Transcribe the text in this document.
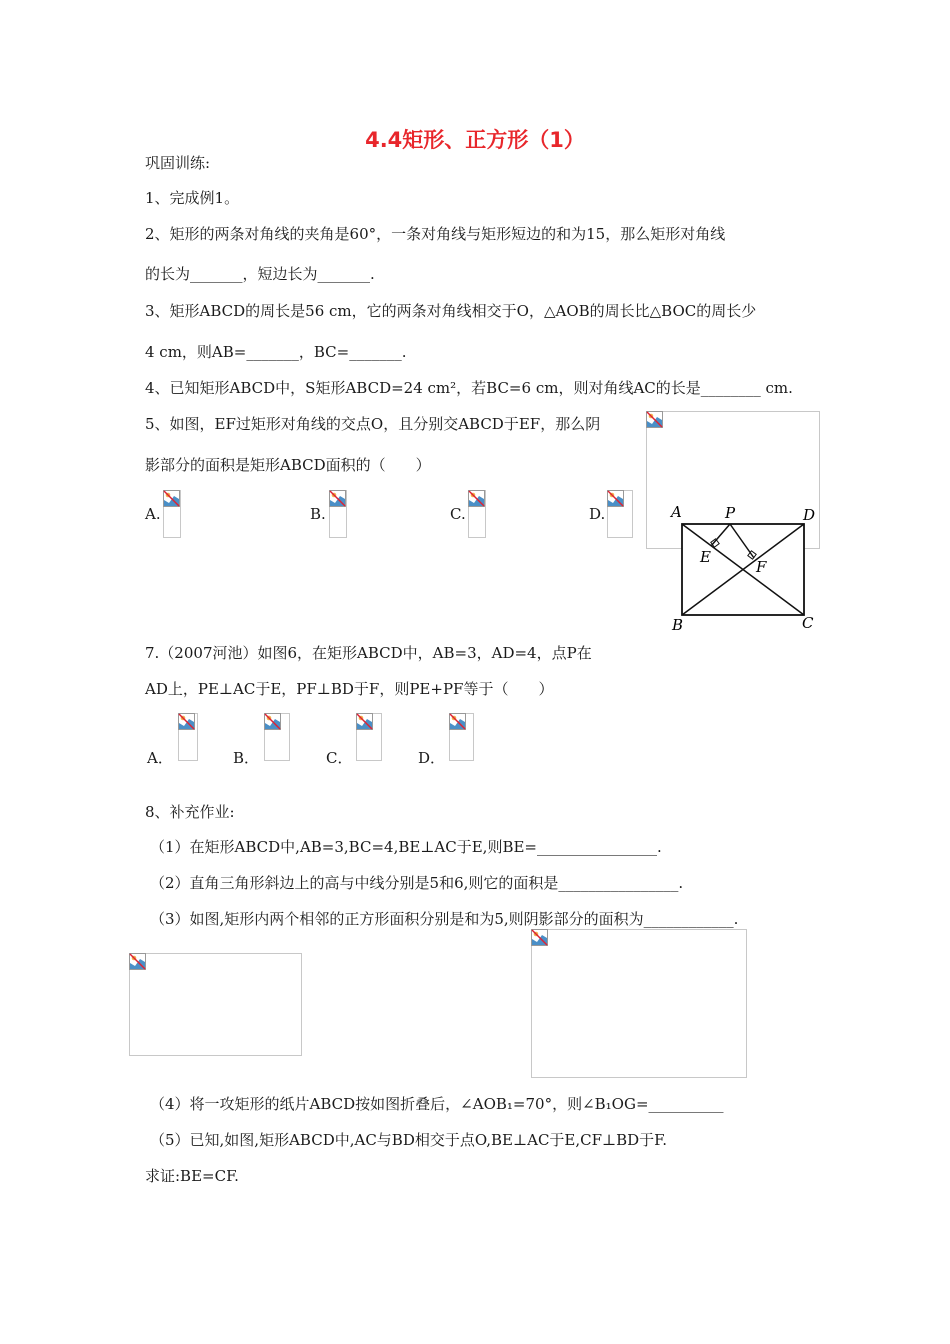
4.4矩形、正方形（1）
巩固训练:
1、完成例1。
2、矩形的两条对角线的夹角是60°，一条对角线与矩形短边的和为15，那么矩形对角线
的长为_______，短边长为_______.
3、矩形ABCD的周长是56 cm，它的两条对角线相交于O，△AOB的周长比△BOC的周长少
4 cm，则AB=_______，BC=_______.
4、已知矩形ABCD中，S矩形ABCD=24 cm²，若BC=6 cm，则对角线AC的长是________ cm.
5、如图，EF过矩形对角线的交点O，且分别交ABCD于EF，那么阴
影部分的面积是矩形ABCD面积的（　　）
A.	B.	C.	D.	A	P	D
E
F
B	C
7.（2007河池）如图6，在矩形ABCD中，AB=3，AD=4，点P在
AD上，PE⊥AC于E，PF⊥BD于F，则PE+PF等于（　　）
A．	B．	C．	D．
8、补充作业:
（1）在矩形ABCD中,AB=3,BC=4,BE⊥AC于E,则BE=________________.
（2）直角三角形斜边上的高与中线分别是5和6,则它的面积是________________.
（3）如图,矩形内两个相邻的正方形面积分别是和为5,则阴影部分的面积为____________.
（4）将一攻矩形的纸片ABCD按如图折叠后，∠AOB₁=70°，则∠B₁OG=__________
（5）已知,如图,矩形ABCD中,AC与BD相交于点O,BE⊥AC于E,CF⊥BD于F.
求证:BE=CF.
